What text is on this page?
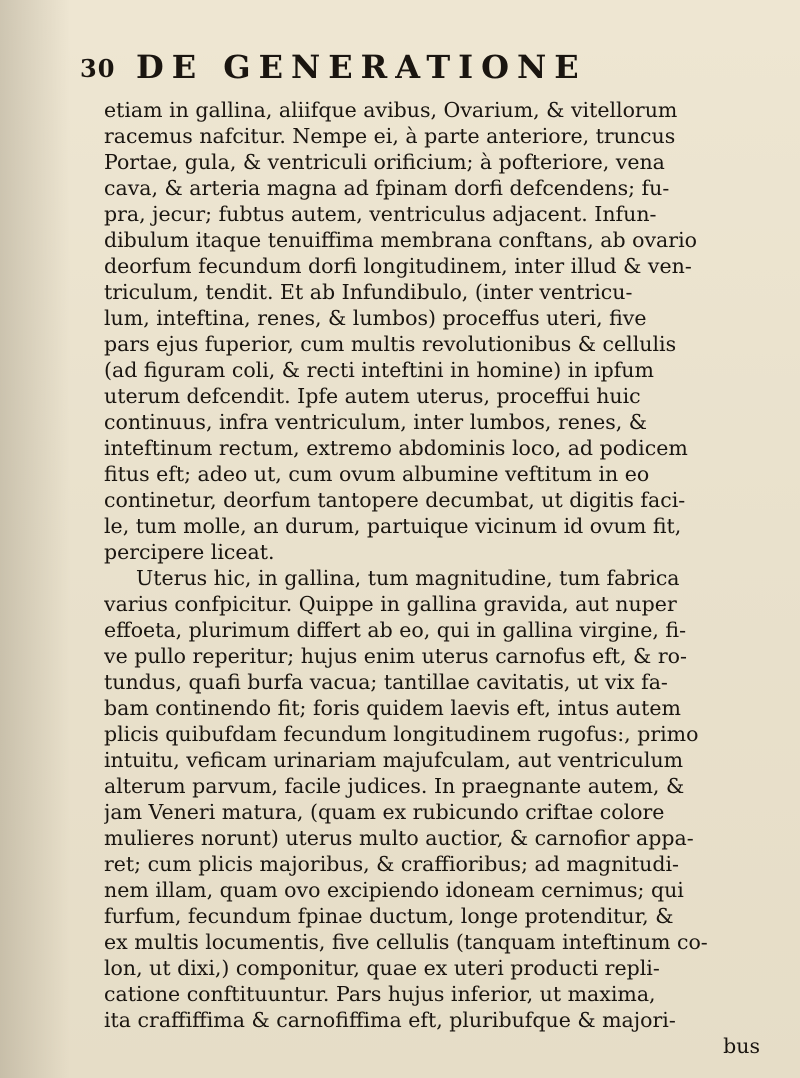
30 DE GENERATIONE
etiam in gallina, aliifque avibus, Ovarium, & vitellorum
racemus nafcitur. Nempe ei, à parte anteriore, truncus
Portae, gula, & ventriculi orificium; à pofteriore, vena
cava, & arteria magna ad fpinam dorfi defcendens; fu-
pra, jecur; fubtus autem, ventriculus adjacent. Infun-
dibulum itaque tenuiffima membrana conftans, ab ovario
deorfum fecundum dorfi longitudinem, inter illud & ven-
triculum, tendit. Et ab Infundibulo, (inter ventricu-
lum, inteftina, renes, & lumbos) proceffus uteri, five
pars ejus fuperior, cum multis revolutionibus & cellulis
(ad figuram coli, & recti inteftini in homine) in ipfum
uterum defcendit. Ipfe autem uterus, proceffui huic
continuus, infra ventriculum, inter lumbos, renes, &
inteftinum rectum, extremo abdominis loco, ad podicem
fitus eft; adeo ut, cum ovum albumine veftitum in eo
continetur, deorfum tantopere decumbat, ut digitis faci-
le, tum molle, an durum, partuique vicinum id ovum fit,
percipere liceat.
Uterus hic, in gallina, tum magnitudine, tum fabrica
varius confpicitur. Quippe in gallina gravida, aut nuper
effoeta, plurimum differt ab eo, qui in gallina virgine, fi-
ve pullo reperitur; hujus enim uterus carnofus eft, & ro-
tundus, quafi burfa vacua; tantillae cavitatis, ut vix fa-
bam continendo fit; foris quidem laevis eft, intus autem
plicis quibufdam fecundum longitudinem rugofus:, primo
intuitu, veficam urinariam majufculam, aut ventriculum
alterum parvum, facile judices. In praegnante autem, &
jam Veneri matura, (quam ex rubicundo criftae colore
mulieres norunt) uterus multo auctior, & carnofior appa-
ret; cum plicis majoribus, & craffioribus; ad magnitudi-
nem illam, quam ovo excipiendo idoneam cernimus; qui
furfum, fecundum fpinae ductum, longe protenditur, &
ex multis locumentis, five cellulis (tanquam inteftinum co-
lon, ut dixi,) componitur, quae ex uteri producti repli-
catione conftituuntur. Pars hujus inferior, ut maxima,
ita craffiffima & carnofiffima eft, pluribufque & majori-
bus
